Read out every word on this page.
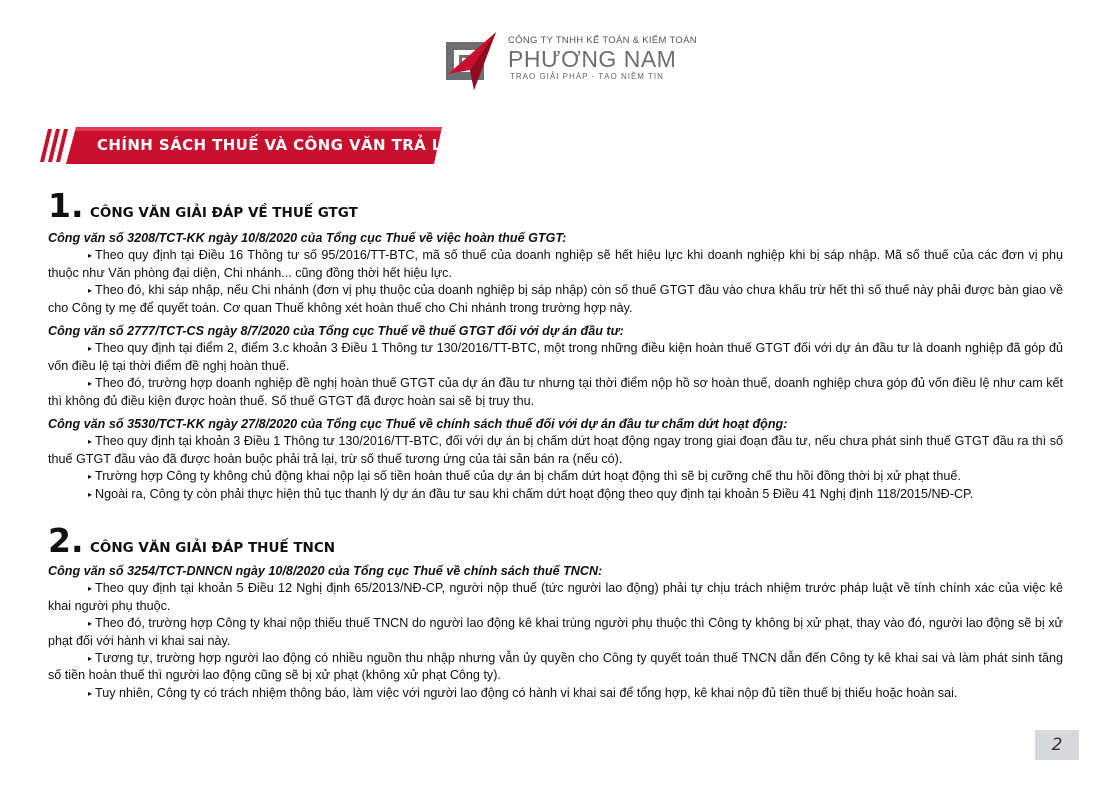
CÔNG TY TNHH KẾ TOÁN & KIỂM TOÁN
PHƯƠNG NAM
TRAO GIẢI PHÁP - TẠO NIỀM TIN
CHÍNH SÁCH THUẾ VÀ CÔNG VĂN TRẢ LỜI
1. CÔNG VĂN GIẢI ĐÁP VỀ THUẾ GTGT
Công văn số 3208/TCT-KK ngày 10/8/2020 của Tổng cục Thuế về việc hoàn thuế GTGT:
▸ Theo quy định tại Điều 16 Thông tư số 95/2016/TT-BTC, mã số thuế của doanh nghiệp sẽ hết hiệu lực khi doanh nghiệp khi bị sáp nhập. Mã số thuế của các đơn vị phụ thuộc như Văn phòng đại diện, Chi nhánh... cũng đồng thời hết hiệu lực.
▸ Theo đó, khi sáp nhập, nếu Chi nhánh (đơn vị phụ thuộc của doanh nghiệp bị sáp nhập) còn số thuế GTGT đầu vào chưa khấu trừ hết thì số thuế này phải được bàn giao về cho Công ty mẹ để quyết toán. Cơ quan Thuế không xét hoàn thuế cho Chi nhánh trong trường hợp này.
Công văn số 2777/TCT-CS ngày 8/7/2020 của Tổng cục Thuế về thuế GTGT đối với dự án đầu tư:
▸ Theo quy định tại điểm 2, điểm 3.c khoản 3 Điều 1 Thông tư 130/2016/TT-BTC, một trong những điều kiện hoàn thuế GTGT đối với dự án đầu tư là doanh nghiệp đã góp đủ vốn điều lệ tại thời điểm đề nghị hoàn thuế.
▸ Theo đó, trường hợp doanh nghiệp đề nghị hoàn thuế GTGT của dự án đầu tư nhưng tại thời điểm nộp hồ sơ hoàn thuế, doanh nghiệp chưa góp đủ vốn điều lệ như cam kết thì không đủ điều kiện được hoàn thuế. Số thuế GTGT đã được hoàn sai sẽ bị truy thu.
Công văn số 3530/TCT-KK ngày 27/8/2020 của Tổng cục Thuế về chính sách thuế đối với dự án đầu tư chấm dứt hoạt động:
▸ Theo quy định tại khoản 3 Điều 1 Thông tư 130/2016/TT-BTC, đối với dự án bị chấm dứt hoạt động ngay trong giai đoạn đầu tư, nếu chưa phát sinh thuế GTGT đầu ra thì số thuế GTGT đầu vào đã được hoàn buộc phải trả lại, trừ số thuế tương ứng của tài sản bán ra (nếu có).
▸ Trường hợp Công ty không chủ động khai nộp lại số tiền hoàn thuế của dự án bị chấm dứt hoạt động thì sẽ bị cưỡng chế thu hồi đồng thời bị xử phạt thuế.
▸ Ngoài ra, Công ty còn phải thực hiện thủ tục thanh lý dự án đầu tư sau khi chấm dứt hoạt động theo quy định tại khoản 5 Điều 41 Nghị định 118/2015/NĐ-CP.
2. CÔNG VĂN GIẢI ĐÁP THUẾ TNCN
Công văn số 3254/TCT-DNNCN ngày 10/8/2020 của Tổng cục Thuế về chính sách thuế TNCN:
▸ Theo quy định tại khoản 5 Điều 12 Nghị định 65/2013/NĐ-CP, người nộp thuế (tức người lao động) phải tự chịu trách nhiệm trước pháp luật về tính chính xác của việc kê khai người phụ thuộc.
▸ Theo đó, trường hợp Công ty khai nộp thiếu thuế TNCN do người lao động kê khai trùng người phụ thuộc thì Công ty không bị xử phạt, thay vào đó, người lao động sẽ bị xử phạt đối với hành vi khai sai này.
▸ Tương tự, trường hợp người lao động có nhiều nguồn thu nhập nhưng vẫn ủy quyền cho Công ty quyết toán thuế TNCN dẫn đến Công ty kê khai sai và làm phát sinh tăng số tiền hoàn thuế thì người lao động cũng sẽ bị xử phạt (không xử phạt Công ty).
▸ Tuy nhiên, Công ty có trách nhiệm thông báo, làm việc với người lao động có hành vi khai sai để tổng hợp, kê khai nộp đủ tiền thuế bị thiếu hoặc hoàn sai.
2
